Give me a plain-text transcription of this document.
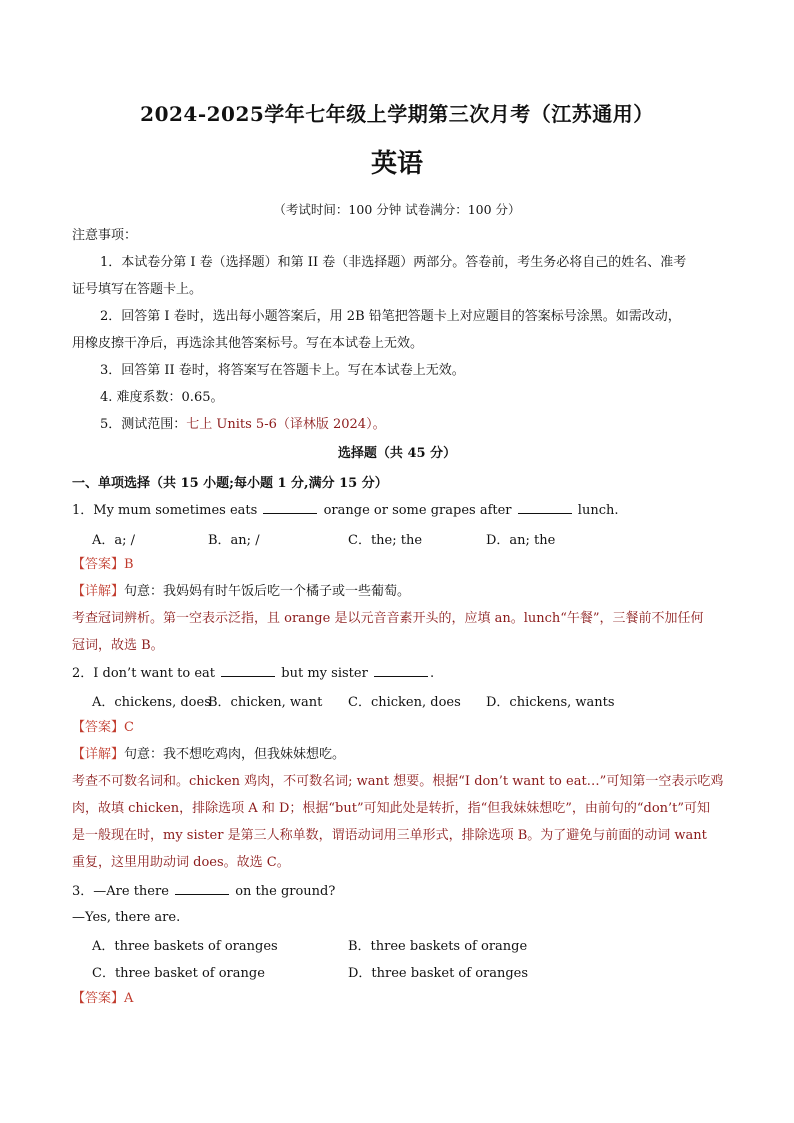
2024-2025学年七年级上学期第三次月考（江苏通用）
英语
（考试时间：100 分钟 试卷满分：100 分）
注意事项：
1．本试卷分第 I 卷（选择题）和第 II 卷（非选择题）两部分。答卷前，考生务必将自己的姓名、准考
证号填写在答题卡上。
2．回答第 I 卷时，选出每小题答案后，用 2B 铅笔把答题卡上对应题目的答案标号涂黑。如需改动，
用橡皮擦干净后，再选涂其他答案标号。写在本试卷上无效。
3．回答第 II 卷时，将答案写在答题卡上。写在本试卷上无效。
4. 难度系数：0.65。
5．测试范围：七上 Units 5-6（译林版 2024）。
选择题（共 45 分）
一、单项选择（共 15 小题;每小题 1 分,满分 15 分）
1．My mum sometimes eats	orange or some grapes after	lunch.
A．a; /	B．an; /	C．the; the	D．an; the
【答案】B
【详解】句意：我妈妈有时午饭后吃一个橘子或一些葡萄。
考查冠词辨析。第一空表示泛指，且 orange 是以元音音素开头的，应填 an。lunch“午餐”，三餐前不加任何
冠词，故选 B。
2．I don’t want to eat	but my sister	.
A．chickens, does
B．chicken, want C．chicken, does D．chickens, wants
【答案】C
【详解】句意：我不想吃鸡肉，但我妹妹想吃。
考查不可数名词和。chicken 鸡肉，不可数名词; want 想要。根据“I don’t want to eat…”可知第一空表示吃鸡
肉，故填 chicken，排除选项 A 和 D；根据“but”可知此处是转折，指“但我妹妹想吃”，由前句的“don’t”可知
是一般现在时，my sister 是第三人称单数，谓语动词用三单形式，排除选项 B。为了避免与前面的动词 want
重复，这里用助动词 does。故选 C。
3．—Are there	on the ground?
—Yes, there are.
A．three baskets of oranges	B．three baskets of orange
C．three basket of orange	D．three basket of oranges
【答案】A
